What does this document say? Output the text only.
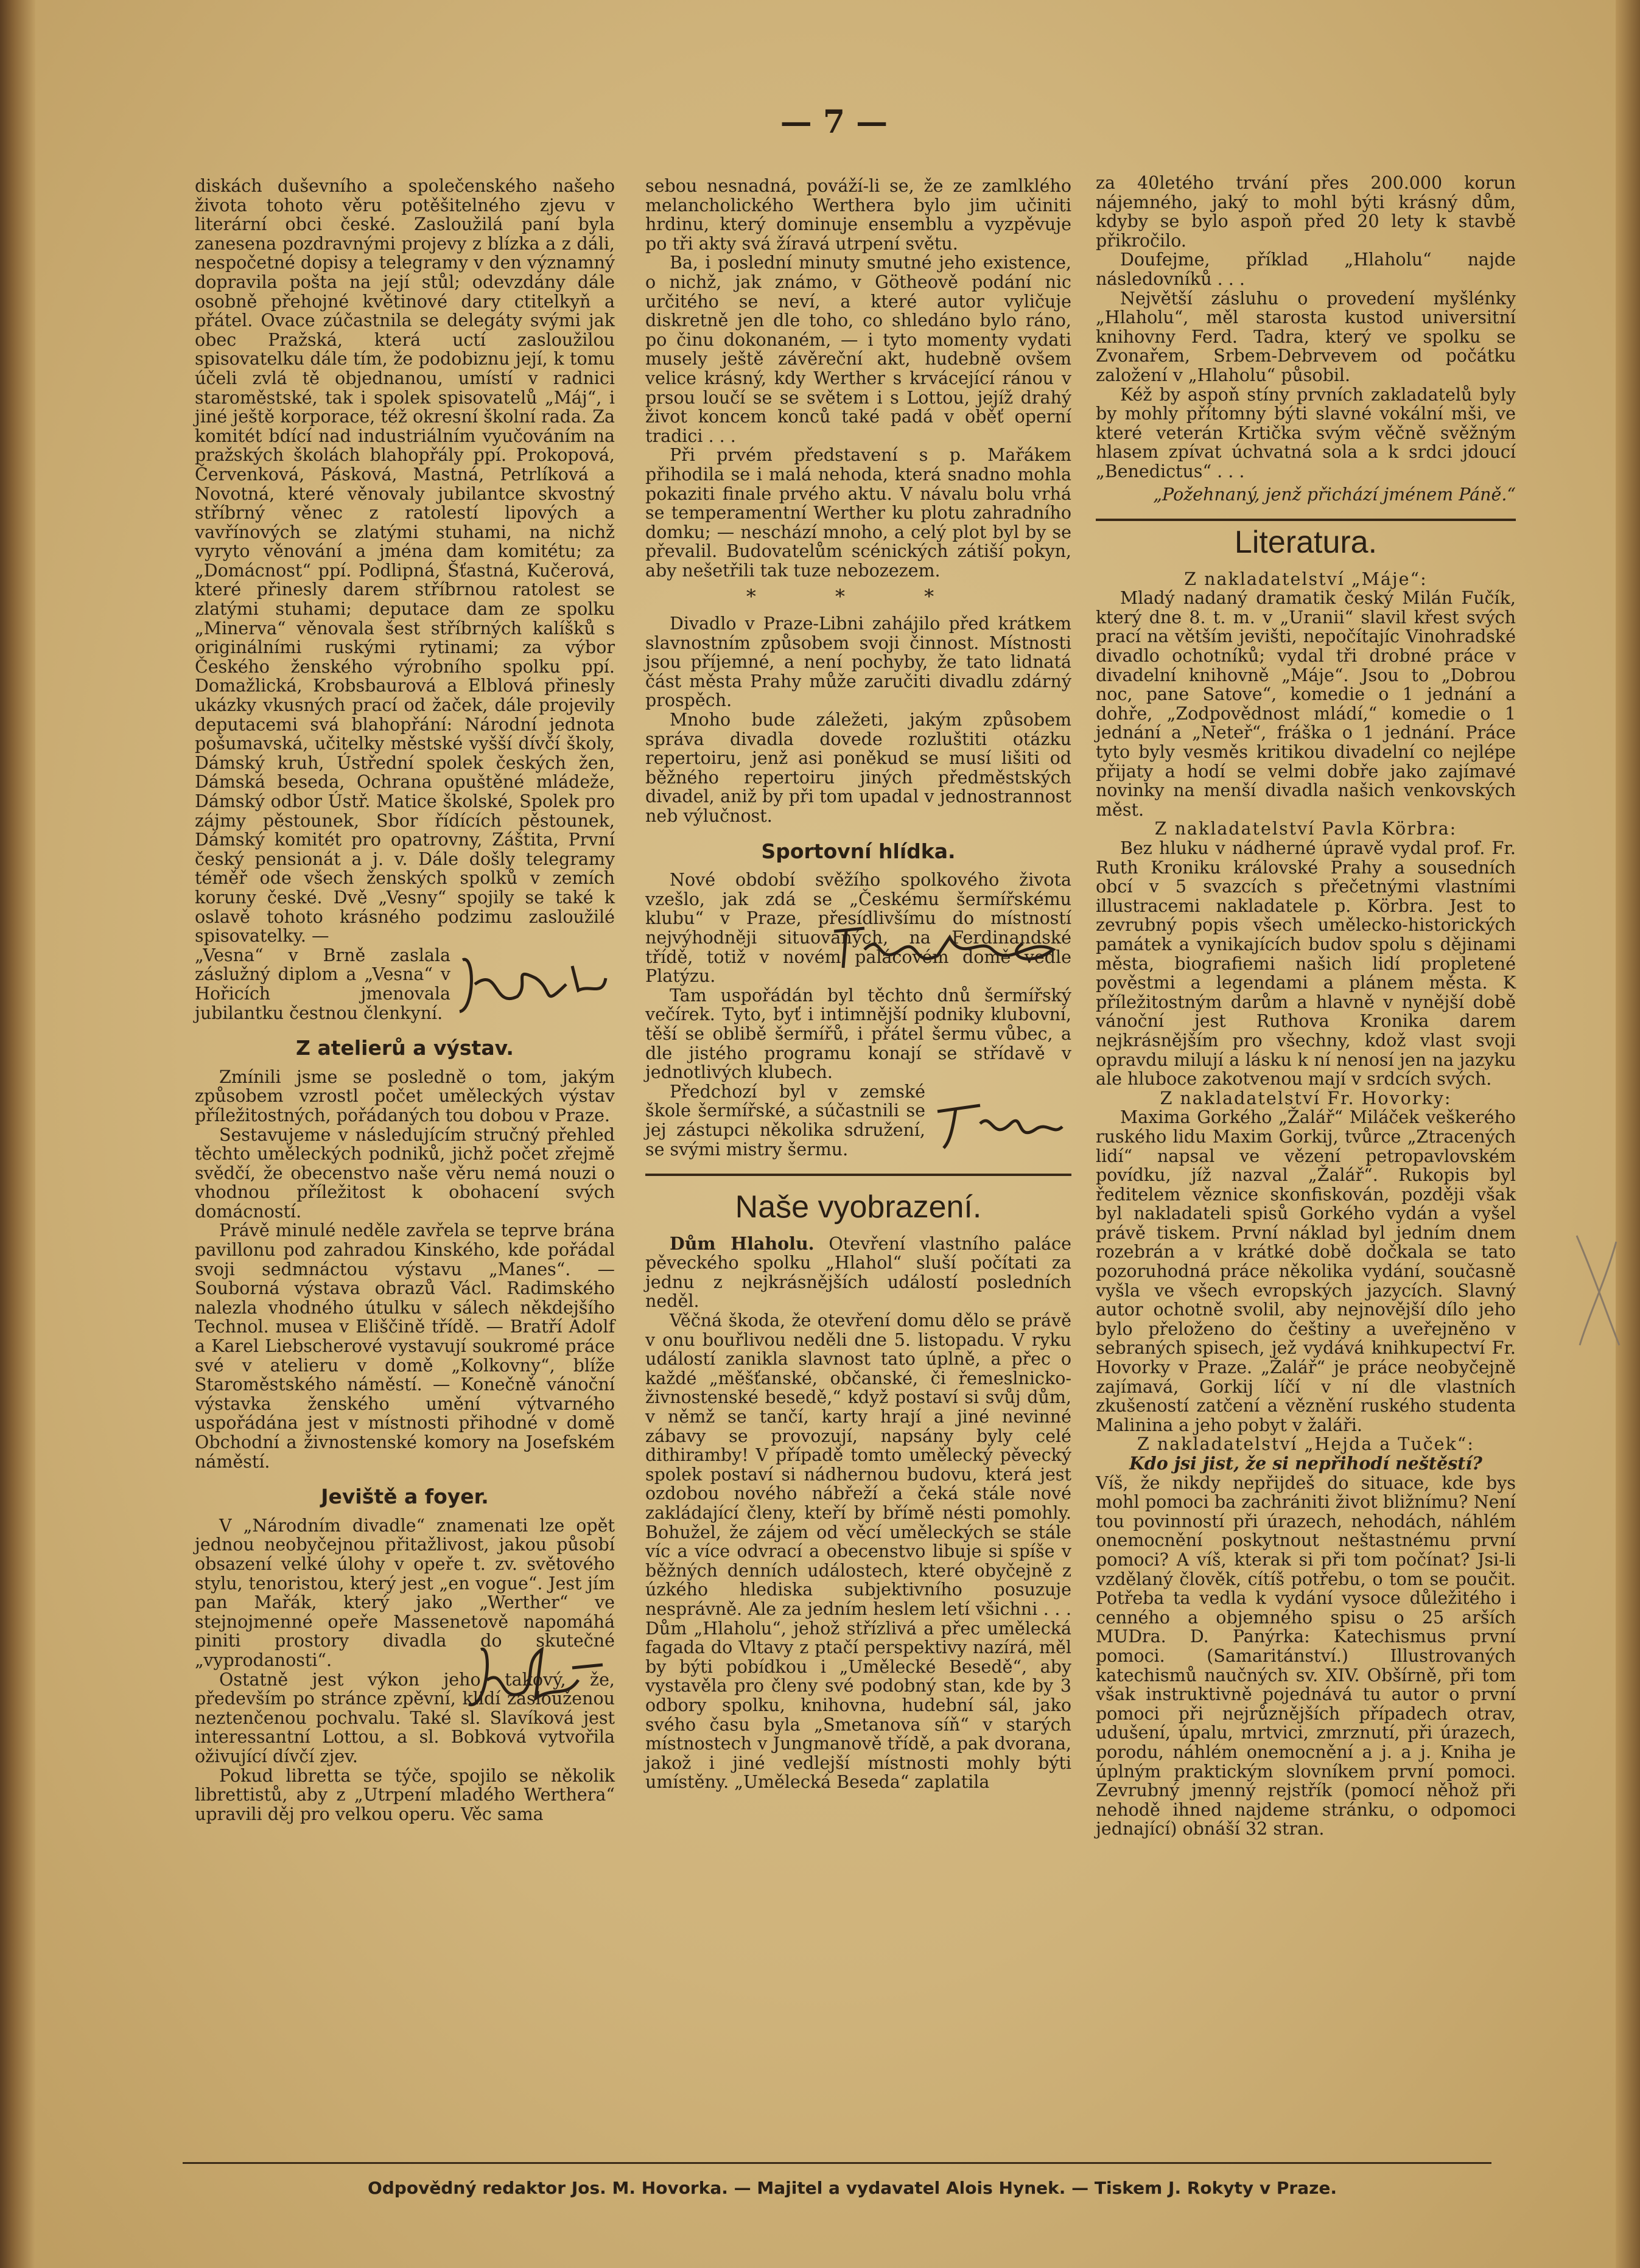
— 7 —

diskách duševního a společenského našeho života tohoto věru potěšitelného zjevu v literární obci české. Zasloužilá paní byla zanesena pozdravnými projevy z blízka a z dáli, nespočetné dopisy a telegramy v den významný dopravila pošta na její stůl; odevzdány dále osobně přehojné květinové dary ctitelkyň a přátel. Ovace zúčastnila se delegáty svými jak obec Pražská, která uctí zasloužilou spisovatelku dále tím, že podobiznu její, k tomu účeli zvlá tě objednanou, umístí v radnici staroměstské, tak i spolek spisovatelů „Máj“, i jiné ještě korporace, též okresní školní rada. Za komitét bdící nad industriálním vyučováním na pražských školách blahopřály ppí. Prokopová, Červenková, Pásková, Mastná, Petrlíková a Novotná, které věnovaly jubilantce skvostný stříbrný věnec z ratolestí lipových a vavřínových se zlatými stuhami, na nichž vyryto věnování a jména dam komitétu; za „Domácnost“ ppí. Podlipná, Šťastná, Kučerová, které přinesly darem stříbrnou ratolest se zlatými stuhami; deputace dam ze spolku „Minerva“ věnovala šest stříbrných kalíšků s originálními ruskými rytinami; za výbor Českého ženského výrobního spolku ppí. Domažlická, Krobsbaurová a Elblová přinesly ukázky vkusných prací od žaček, dále projevily deputacemi svá blahopřání: Národní jednota pošumavská, učitelky městské vyšší dívčí školy, Dámský kruh, Ústřední spolek českých žen, Dámská beseda, Ochrana opuštěné mládeže, Dámský odbor Ústř. Matice školské, Spolek pro zájmy pěstounek, Sbor řídících pěstounek, Dámský komitét pro opatrovny, Záštita, První český pensionát a j. v. Dále došly telegramy téměř ode všech ženských spolků v zemích koruny české. Dvě „Vesny“ spojily se také k oslavě tohoto krásného podzimu zasloužilé spisovatelky. —

„Vesna“ v Brně zaslala záslužný diplom a „Vesna“ v Hořicích jmenovala jubilantku čestnou členkyní.
Z atelierů a výstav.

Zmínili jsme se posledně o tom, jakým způsobem vzrostl počet uměleckých výstav příležitostných, pořádaných tou dobou v Praze.

Sestavujeme v následujícím stručný přehled těchto uměleckých podniků, jichž počet zřejmě svědčí, že obecenstvo naše věru nemá nouzi o vhodnou příležitost k obohacení svých domácností.

Právě minulé neděle zavřela se teprve brána pavillonu pod zahradou Kinského, kde pořádal svoji sedmnáctou výstavu „Manes“. — Souborná výstava obrazů Václ. Radimského nalezla vhodného útulku v sálech někdejšího Technol. musea v Eliščině třídě. — Bratří Adolf a Karel Liebscherové vystavují soukromé práce své v atelieru v domě „Kolkovny“, blíže Staroměstského náměstí. — Konečně vánoční výstavka ženského umění výtvarného uspořádána jest v místnosti přihodné v domě Obchodní a živnostenské komory na Josefském náměstí.

Jeviště a foyer.

V „Národním divadle“ znamenati lze opět jednou neobyčejnou přitažlivost, jakou působí obsazení velké úlohy v opeře t. zv. světového stylu, tenoristou, který jest „en vogue“. Jest jím pan Mařák, který jako „Werther“ ve stejnojmenné opeře Massenetově napomáhá piniti prostory divadla do skutečné „vyprodanosti“.

Ostatně jest výkon jeho takový, že, především po stránce zpěvní, klidí zaslouženou neztenčenou pochvalu. Také sl. Slavíková jest interessantní Lottou, a sl. Bobková vytvořila oživující dívčí zjev.

Pokud libretta se týče, spojilo se několik librettistů, aby z „Utrpení mladého Werthera“ upravili děj pro velkou operu. Věc sama

sebou nesnadná, pováží-li se, že ze zamlklého melancholického Werthera bylo jim učiniti hrdinu, který dominuje ensemblu a vyzpěvuje po tři akty svá žíravá utrpení světu.

Ba, i poslední minuty smutné jeho existence, o nichž, jak známo, v Götheově podání nic určitého se neví, a které autor vyličuje diskretně jen dle toho, co shledáno bylo ráno, po činu dokonaném, — i tyto momenty vydati musely ještě závěreční akt, hudebně ovšem velice krásný, kdy Werther s krvácející ránou v prsou loučí se se světem i s Lottou, jejíž drahý život koncem konců také padá v oběť operní tradici . . .

Při prvém představení s p. Mařákem přihodila se i malá nehoda, která snadno mohla pokaziti finale prvého aktu. V návalu bolu vrhá se temperamentní Werther ku plotu zahradního domku; — neschází mnoho, a celý plot byl by se převalil. Budovatelům scénických zátiší pokyn, aby nešetřili tak tuze nebozezem.

* * *

Divadlo v Praze-Libni zahájilo před krátkem slavnostním způsobem svoji činnost. Místnosti jsou příjemné, a není pochyby, že tato lidnatá část města Prahy může zaručiti divadlu zdárný prospěch.

Mnoho bude záležeti, jakým způsobem správa divadla dovede rozluštiti otázku repertoiru, jenž asi poněkud se musí lišiti od běžného repertoiru jiných předměstských divadel, aniž by při tom upadal v jednostrannost neb výlučnost.

Sportovní hlídka.

Nové období svěžího spolkového života vzešlo, jak zdá se „Českému šermířskému klubu“ v Praze, přesídlivšímu do místností nejvýhodněji situovaných, na Ferdinandské třídě, totiž v novém palácovém domě vedle Platýzu.

Tam uspořádán byl těchto dnů šermířský večírek. Tyto, byť i intimnější podniky klubovní, těší se oblibě šermířů, i přátel šermu vůbec, a dle jistého programu konají se střídavě v jednotlivých klubech.

Předchozí byl v zemské škole šermířské, a súčastnili se jej zástupci několika sdružení, se svými mistry šermu.

Naše vyobrazení.

Dům Hlaholu. Otevření vlastního paláce pěveckého spolku „Hlahol“ sluší počítati za jednu z nejkrásnějších událostí posledních neděl.

Věčná škoda, že otevření domu dělo se právě v onu bouřlivou neděli dne 5. listopadu. V ryku událostí zanikla slavnost tato úplně, a přec o každé „měšťanské, občanské, či řemeslnicko-živnostenské besedě,“ když postaví si svůj dům, v němž se tančí, karty hrají a jiné nevinné zábavy se provozují, napsány byly celé dithiramby! V případě tomto umělecký pěvecký spolek postaví si nádhernou budovu, která jest ozdobou nového nábřeží a čeká stále nové zakládající členy, kteří by břímě nésti pomohly. Bohužel, že zájem od věcí uměleckých se stále víc a více odvrací a obecenstvo libuje si spíše v běžných denních událostech, které obyčejně z úzkého hlediska subjektivního posuzuje nesprávně. Ale za jedním heslem letí všichni . . . Dům „Hlaholu“, jehož střízlivá a přec umělecká fagada do Vltavy z ptačí perspektivy nazírá, měl by býti pobídkou i „Umělecké Besedě“, aby vystavěla pro členy své podobný stan, kde by 3 odbory spolku, knihovna, hudební sál, jako svého času byla „Smetanova síň“ v starých místnostech v Jungmanově třídě, a pak dvorana, jakož i jiné vedlejší místnosti mohly býti umístěny. „Umělecká Beseda“ zaplatila

za 40letého trvání přes 200.000 korun nájemného, jaký to mohl býti krásný dům, kdyby se bylo aspoň před 20 lety k stavbě přikročilo.

Doufejme, příklad „Hlaholu“ najde následovníků . . .

Největší zásluhu o provedení myšlénky „Hlaholu“, měl starosta kustod universitní knihovny Ferd. Tadra, který ve spolku se Zvonařem, Srbem-Debrvevem od počátku založení v „Hlaholu“ působil.

Kéž by aspoň stíny prvních zakladatelů byly by mohly přítomny býti slavné vokální mši, ve které veterán Krtička svým věčně svěžným hlasem zpívat úchvatná sola a k srdci jdoucí „Benedictus“ . . .

„Požehnaný, jenž přichází jménem Páně.“
Literatura.
Z nakladatelství „Máje“:

Mladý nadaný dramatik český Milán Fučík, který dne 8. t. m. v „Uranii“ slavil křest svých prací na větším jevišti, nepočítajíc Vinohradské divadlo ochotníků; vydal tři drobné práce v divadelní knihovně „Máje“. Jsou to „Dobrou noc, pane Satove“, komedie o 1 jednání a dohře, „Zodpovědnost mládí,“ komedie o 1 jednání a „Neteř“, fráška o 1 jednání. Práce tyto byly vesměs kritikou divadelní co nejlépe přijaty a hodí se velmi dobře jako zajímavé novinky na menší divadla našich venkovských měst.

Z nakladatelství Pavla Körbra:

Bez hluku v nádherné úpravě vydal prof. Fr. Ruth Kroniku královské Prahy a sousedních obcí v 5 svazcích s přečetnými vlastními illustracemi nakladatele p. Körbra. Jest to zevrubný popis všech umělecko-historických památek a vynikajících budov spolu s dějinami města, biografiemi našich lidí propletené pověstmi a legendami a plánem města. K příležitostným darům a hlavně v nynější době vánoční jest Ruthova Kronika darem nejkrásnějším pro všechny, kdož vlast svoji opravdu milují a lásku k ní nenosí jen na jazyku ale hluboce zakotvenou mají v srdcích svých.

Z nakladatelství Fr. Hovorky:

Maxima Gorkého „Žalář“ Miláček veškerého ruského lidu Maxim Gorkij, tvůrce „Ztracených lidí“ napsal ve vězení petropavlovském povídku, jíž nazval „Žalář“. Rukopis byl ředitelem věznice skonfiskován, později však byl nakladateli spisů Gorkého vydán a vyšel právě tiskem. První náklad byl jedním dnem rozebrán a v krátké době dočkala se tato pozoruhodná práce několika vydání, současně vyšla ve všech evropských jazycích. Slavný autor ochotně svolil, aby nejnovější dílo jeho bylo přeloženo do češtiny a uveřejněno v sebraných spisech, jež vydává knihkupectví Fr. Hovorky v Praze. „Žalář“ je práce neobyčejně zajímavá, Gorkij líčí v ní dle vlastních zkušeností zatčení a věznění ruského studenta Malinina a jeho pobyt v žaláři.

Z nakladatelství „Hejda a Tuček“:
Kdo jsi jist, že si nepřihodí neštěstí?

Víš, že nikdy nepřijdeš do situace, kde bys mohl pomoci ba zachrániti život bližnímu? Není tou povinností při úrazech, nehodách, náhlém onemocnění poskytnout neštastnému první pomoci? A víš, kterak si při tom počínat? Jsi-li vzdělaný člověk, cítíš potřebu, o tom se poučit. Potřeba ta vedla k vydání vysoce důležitého i cenného a objemného spisu o 25 arších MUDra. D. Panýrka: Katechismus první pomoci. (Samaritánství.) Illustrovaných katechismů naučných sv. XIV. Obšírně, při tom však instruktivně pojednává tu autor o první pomoci při nejrůznějších případech otrav, udušení, úpalu, mrtvici, zmrznutí, při úrazech, porodu, náhlém onemocnění a j. a j. Kniha je úplným praktickým slovníkem první pomoci. Zevrubný jmenný rejstřík (pomocí něhož při nehodě ihned najdeme stránku, o odpomoci jednající) obnáší 32 stran.

Odpovědný redaktor Jos. M. Hovorka. — Majitel a vydavatel Alois Hynek. — Tiskem J. Rokyty v Praze.
